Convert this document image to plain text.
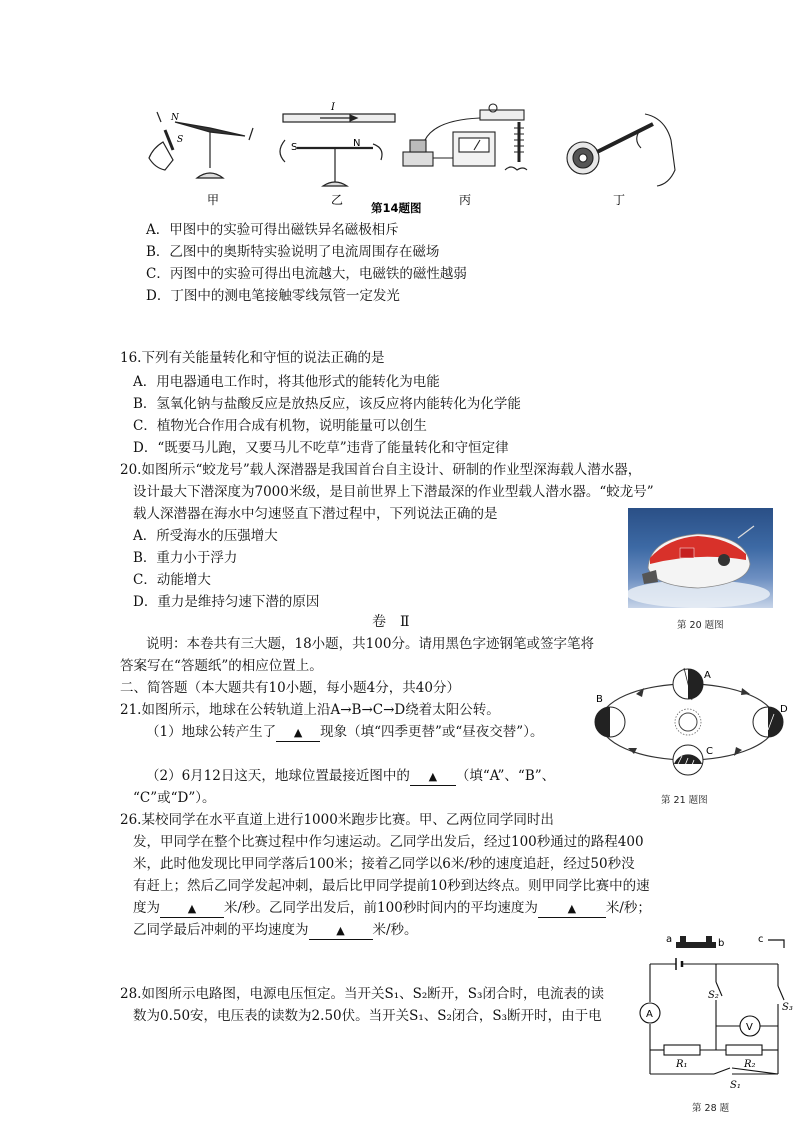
N
S
I
S	N
甲	乙
第14题图
丙	丁
A．甲图中的实验可得出磁铁异名磁极相斥
B．乙图中的奥斯特实验说明了电流周围存在磁场
C．丙图中的实验可得出电流越大，电磁铁的磁性越弱
D．丁图中的测电笔接触零线氖管一定发光
16.下列有关能量转化和守恒的说法正确的是
A．用电器通电工作时，将其他形式的能转化为电能
B．氢氧化钠与盐酸反应是放热反应，该反应将内能转化为化学能
C．植物光合作用合成有机物，说明能量可以创生
D．“既要马儿跑，又要马儿不吃草”违背了能量转化和守恒定律
20.如图所示“蛟龙号”载人深潜器是我国首台自主设计、研制的作业型深海载人潜水器，
设计最大下潜深度为7000米级，是目前世界上下潜最深的作业型载人潜水器。“蛟龙号”
载人深潜器在海水中匀速竖直下潜过程中，下列说法正确的是
A．所受海水的压强增大
B．重力小于浮力
C．动能增大
D．重力是维持匀速下潜的原因
第 20 题图
卷　Ⅱ
说明：本卷共有三大题，18小题，共100分。请用黑色字迹钢笔或签字笔将
答案写在“答题纸”的相应位置上。
二、简答题（本大题共有10小题，每小题4分，共40分）
21.如图所示，地球在公转轨道上沿A→B→C→D绕着太阳公转。
（1）地球公转产生了 ▲ 现象（填“四季更替”或“昼夜交替”）。
（2）6月12日这天，地球位置最接近图中的 ▲ （填“A”、“B”、
“C”或“D”）。
A
B
C
D
第 21 题图
26.某校同学在水平直道上进行1000米跑步比赛。甲、乙两位同学同时出
发，甲同学在整个比赛过程中作匀速运动。乙同学出发后，经过100秒通过的路程400
米，此时他发现比甲同学落后100米；接着乙同学以6米/秒的速度追赶，经过50秒没
有赶上；然后乙同学发起冲刺，最后比甲同学提前10秒到达终点。则甲同学比赛中的速
度为	▲ 米/秒。乙同学出发后，前100秒时间内的平均速度为	▲ 米/秒；
乙同学最后冲刺的平均速度为	▲ 米/秒。
28.如图所示电路图，电源电压恒定。当开关S₁、S₂断开，S₃闭合时，电流表的读
数为0.50安，电压表的读数为2.50伏。当开关S₁、S₂闭合，S₃断开时，由于电
a	b	c
A
V
S₂
S₃
R₁	R₂
S₁
第 28 题
